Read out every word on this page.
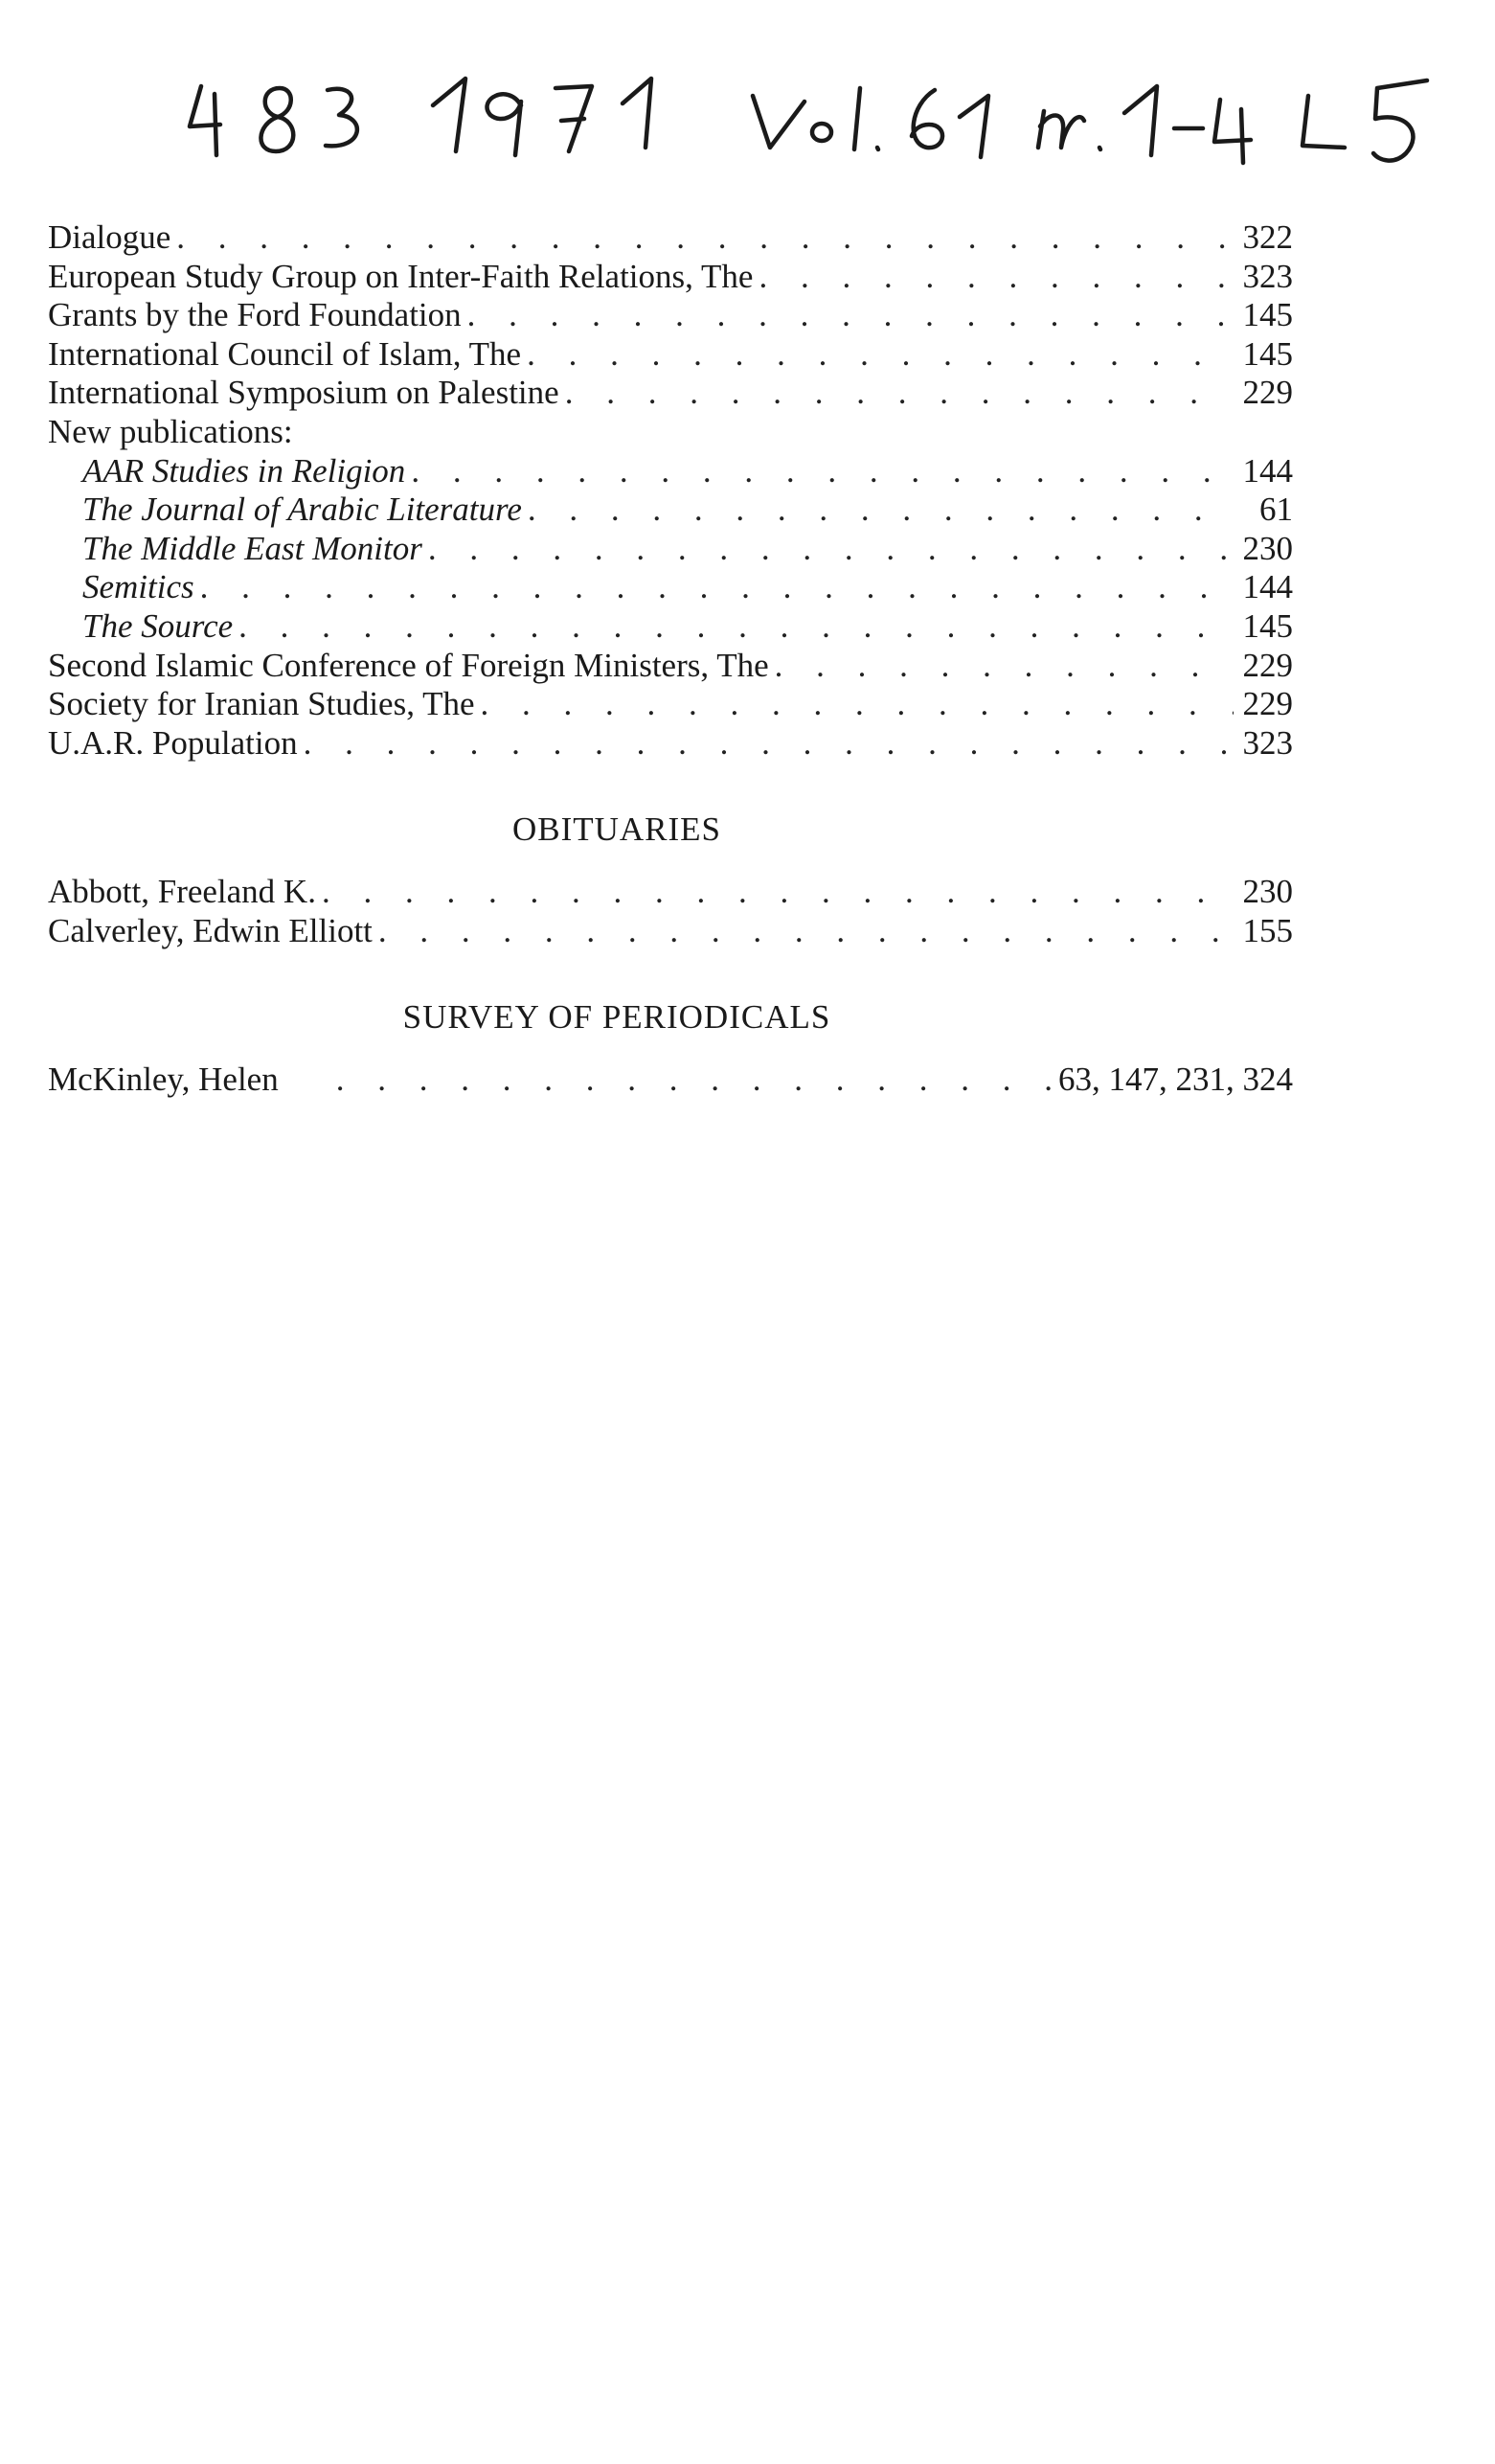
Dialogue . . .	322
European Study Group on Inter-Faith Relations, The . . .	323
Grants by the Ford Foundation . . .	145
International Council of Islam, The . . .	145
International Symposium on Palestine . . .	229
New publications:
AAR Studies in Religion . . .	144
The Journal of Arabic Literature . . .	61
The Middle East Monitor . . .	230
Semitics . . .	144
The Source . . .	145
Second Islamic Conference of Foreign Ministers, The . . .	229
Society for Iranian Studies, The . . .	229
U.A.R. Population . . .	323
OBITUARIES
Abbott, Freeland K. . . .	230
Calverley, Edwin Elliott . . .	155
SURVEY OF PERIODICALS
McKinley, Helen . . .	63, 147, 231, 324
